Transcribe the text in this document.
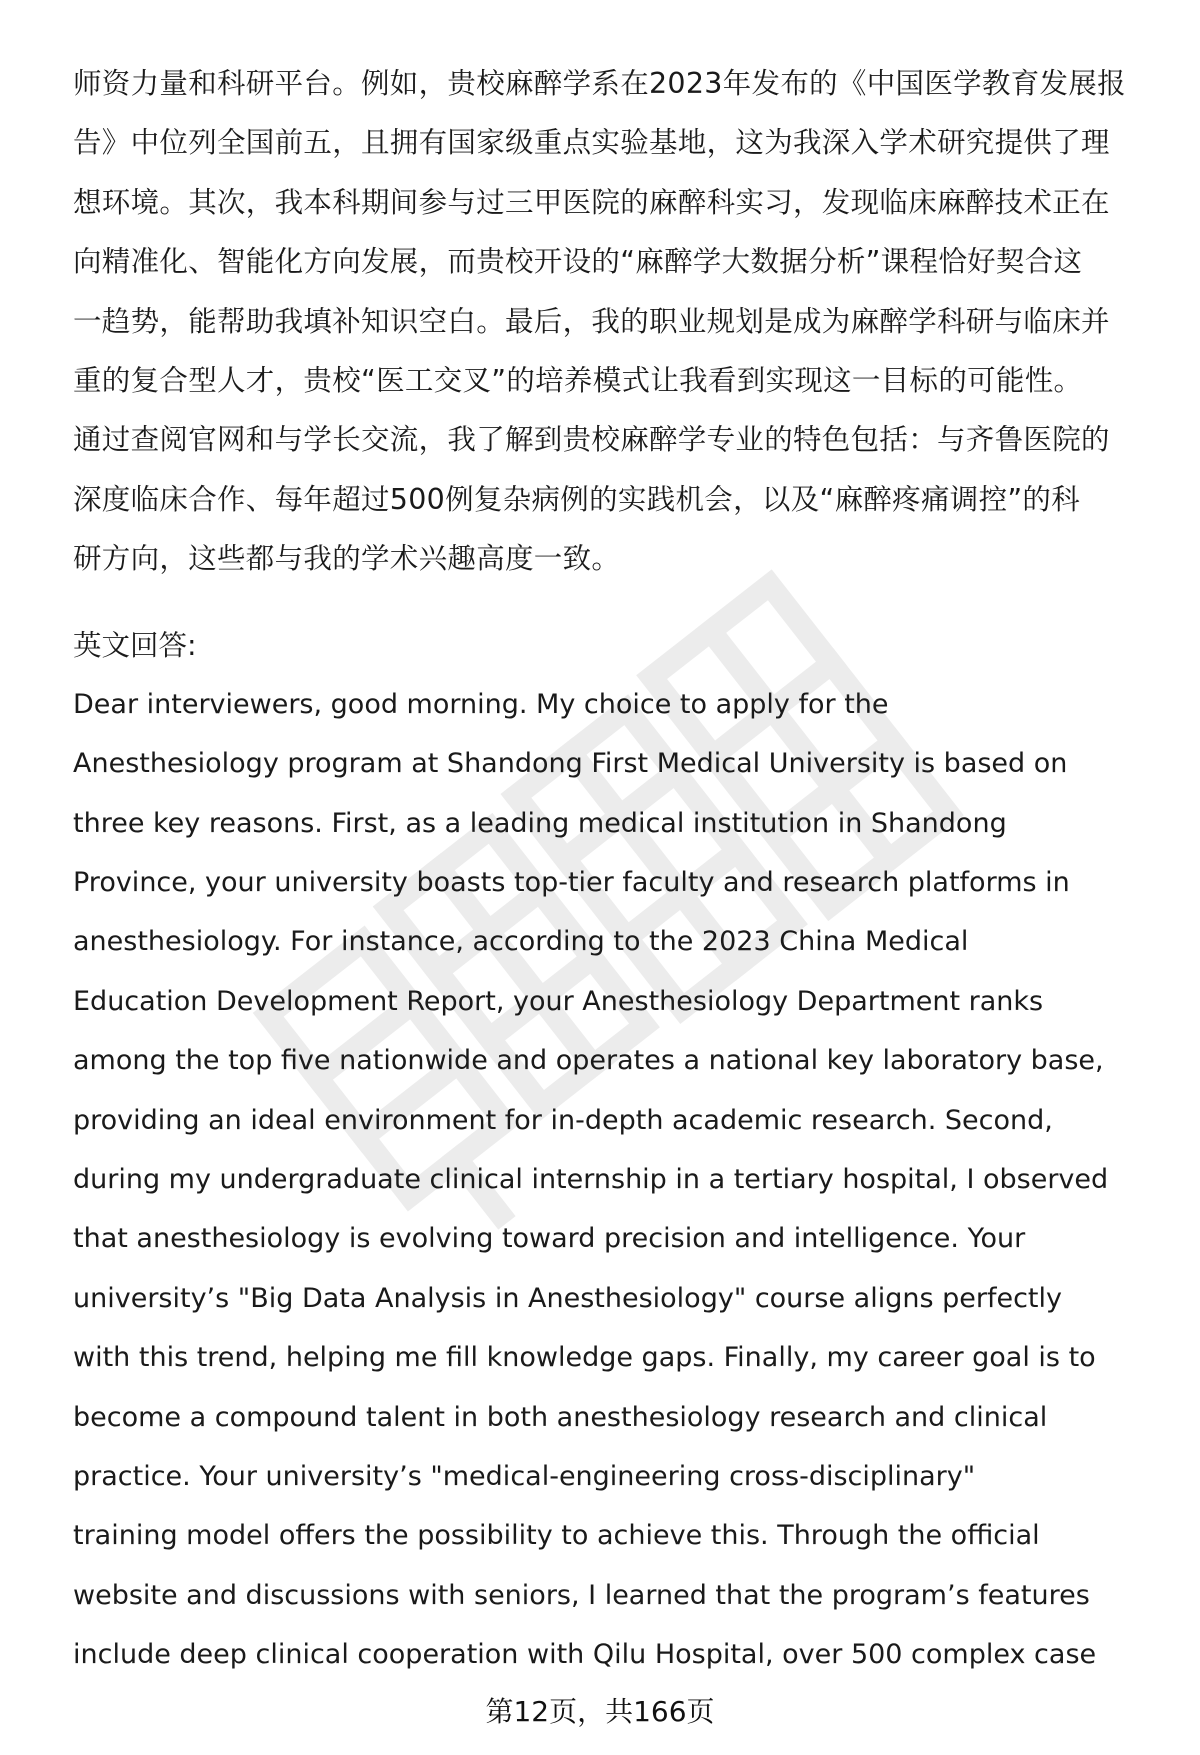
师资力量和科研平台。例如，贵校麻醉学系在2023年发布的《中国医学教育发展报
告》中位列全国前五，且拥有国家级重点实验基地，这为我深入学术研究提供了理
想环境。其次，我本科期间参与过三甲医院的麻醉科实习，发现临床麻醉技术正在
向精准化、智能化方向发展，而贵校开设的“麻醉学大数据分析”课程恰好契合这
一趋势，能帮助我填补知识空白。最后，我的职业规划是成为麻醉学科研与临床并
重的复合型人才，贵校“医工交叉”的培养模式让我看到实现这一目标的可能性。
通过查阅官网和与学长交流，我了解到贵校麻醉学专业的特色包括：与齐鲁医院的
深度临床合作、每年超过500例复杂病例的实践机会，以及“麻醉疼痛调控”的科
研方向，这些都与我的学术兴趣高度一致。
英文回答:
Dear interviewers, good morning. My choice to apply for the
Anesthesiology program at Shandong First Medical University is based on
three key reasons. First, as a leading medical institution in Shandong
Province, your university boasts top-tier faculty and research platforms in
anesthesiology. For instance, according to the 2023 China Medical
Education Development Report, your Anesthesiology Department ranks
among the top five nationwide and operates a national key laboratory base,
providing an ideal environment for in-depth academic research. Second,
during my undergraduate clinical internship in a tertiary hospital, I observed
that anesthesiology is evolving toward precision and intelligence. Your
university’s "Big Data Analysis in Anesthesiology" course aligns perfectly
with this trend, helping me fill knowledge gaps. Finally, my career goal is to
become a compound talent in both anesthesiology research and clinical
practice. Your university’s "medical-engineering cross-disciplinary"
training model offers the possibility to achieve this. Through the official
website and discussions with seniors, I learned that the program’s features
include deep clinical cooperation with Qilu Hospital, over 500 complex case
第12页，共166页
